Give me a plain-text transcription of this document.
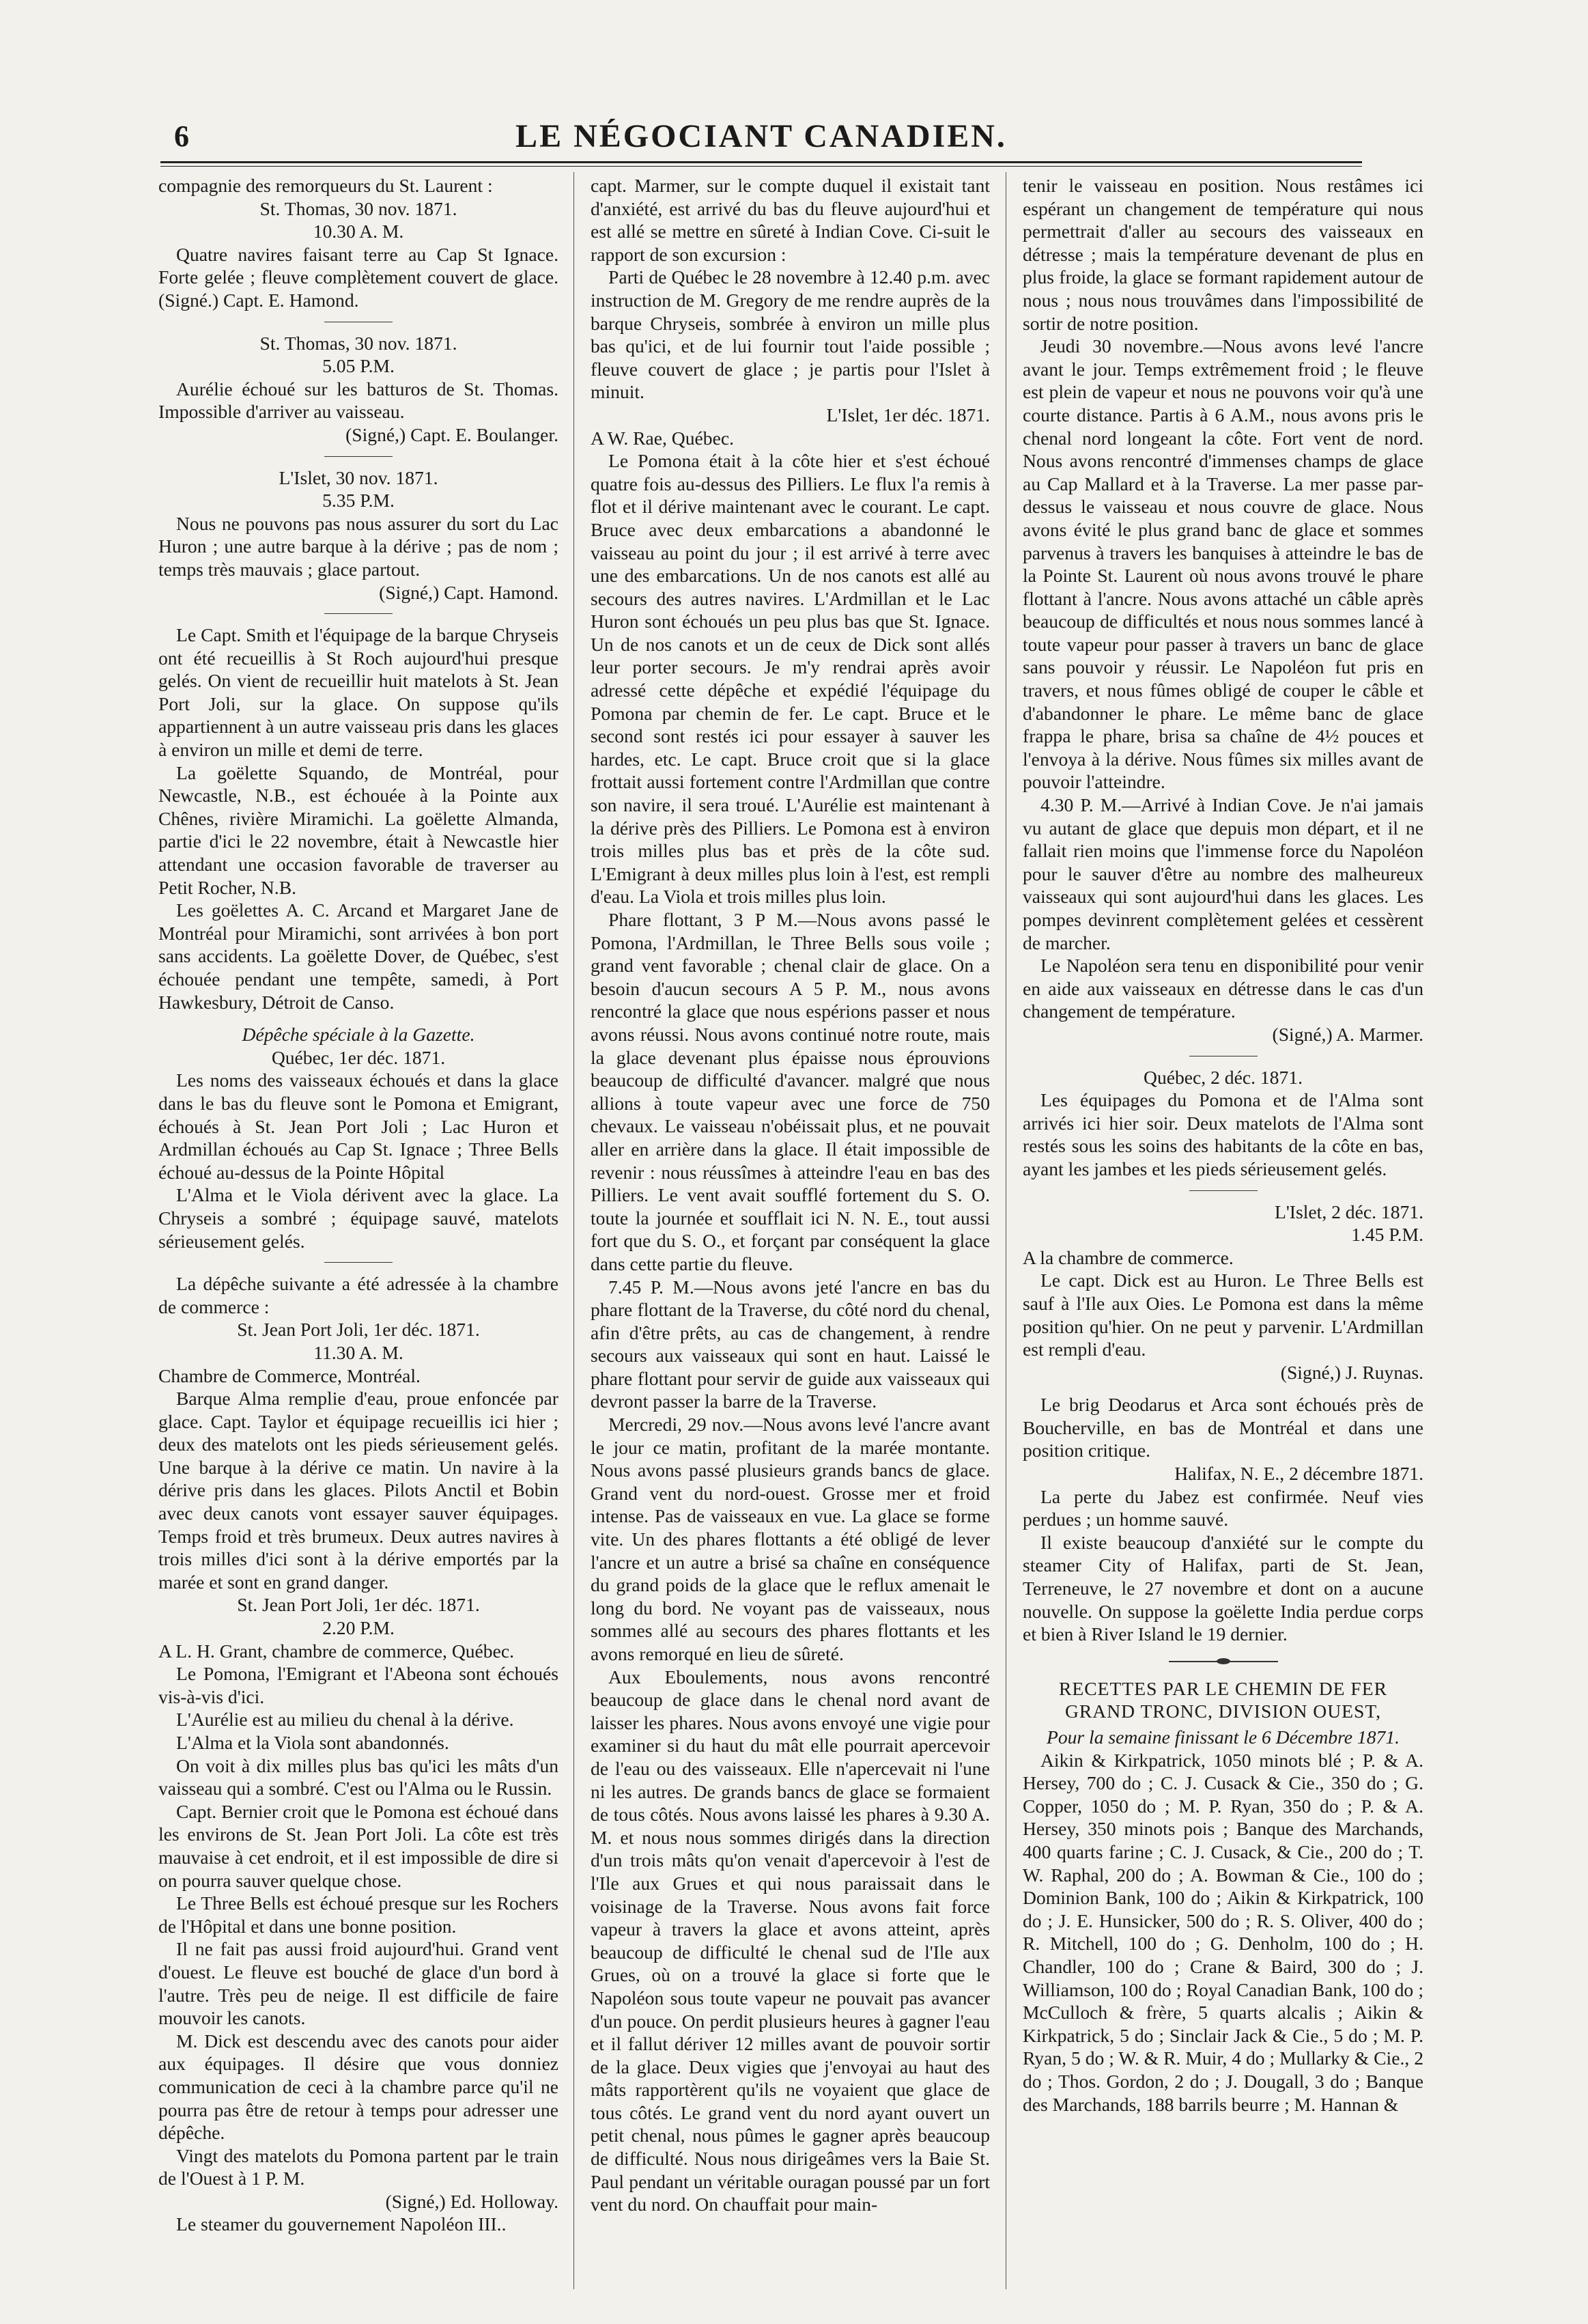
6	LE NÉGOCIANT CANADIEN.

compagnie des remorqueurs du St. Laurent :

St. Thomas, 30 nov. 1871.

10.30 A. M.

Quatre navires faisant terre au Cap St Ignace. Forte gelée ; fleuve complètement couvert de glace. (Signé.) Capt. E. Hamond.

St. Thomas, 30 nov. 1871.

5.05 P.M.

Aurélie échoué sur les batturos de St. Thomas. Impossible d'arriver au vaisseau.

(Signé,) Capt. E. Boulanger.

L'Islet, 30 nov. 1871.

5.35 P.M.

Nous ne pouvons pas nous assurer du sort du Lac Huron ; une autre barque à la dérive ; pas de nom ; temps très mauvais ; glace partout.

(Signé,) Capt. Hamond.

Le Capt. Smith et l'équipage de la barque Chryseis ont été recueillis à St Roch aujourd'hui presque gelés. On vient de recueillir huit matelots à St. Jean Port Joli, sur la glace. On suppose qu'ils appartiennent à un autre vaisseau pris dans les glaces à environ un mille et demi de terre.

La goëlette Squando, de Montréal, pour Newcastle, N.B., est échouée à la Pointe aux Chênes, rivière Miramichi. La goëlette Almanda, partie d'ici le 22 novembre, était à Newcastle hier attendant une occasion favorable de traverser au Petit Rocher, N.B.

Les goëlettes A. C. Arcand et Margaret Jane de Montréal pour Miramichi, sont arrivées à bon port sans accidents. La goëlette Dover, de Québec, s'est échouée pendant une tempête, samedi, à Port Hawkesbury, Détroit de Canso.

Dépêche spéciale à la Gazette.

Québec, 1er déc. 1871.

Les noms des vaisseaux échoués et dans la glace dans le bas du fleuve sont le Pomona et Emigrant, échoués à St. Jean Port Joli ; Lac Huron et Ardmillan échoués au Cap St. Ignace ; Three Bells échoué au-dessus de la Pointe Hôpital

L'Alma et le Viola dérivent avec la glace. La Chryseis a sombré ; équipage sauvé, matelots sérieusement gelés.

La dépêche suivante a été adressée à la chambre de commerce :

St. Jean Port Joli, 1er déc. 1871.

11.30 A. M.

Chambre de Commerce, Montréal.

Barque Alma remplie d'eau, proue enfoncée par glace. Capt. Taylor et équipage recueillis ici hier ; deux des matelots ont les pieds sérieusement gelés. Une barque à la dérive ce matin. Un navire à la dérive pris dans les glaces. Pilots Anctil et Bobin avec deux canots vont essayer sauver équipages. Temps froid et très brumeux. Deux autres navires à trois milles d'ici sont à la dérive emportés par la marée et sont en grand danger.

St. Jean Port Joli, 1er déc. 1871.

2.20 P.M.

A L. H. Grant, chambre de commerce, Québec.

Le Pomona, l'Emigrant et l'Abeona sont échoués vis-à-vis d'ici.

L'Aurélie est au milieu du chenal à la dérive.

L'Alma et la Viola sont abandonnés.

On voit à dix milles plus bas qu'ici les mâts d'un vaisseau qui a sombré. C'est ou l'Alma ou le Russin.

Capt. Bernier croit que le Pomona est échoué dans les environs de St. Jean Port Joli. La côte est très mauvaise à cet endroit, et il est impossible de dire si on pourra sauver quelque chose.

Le Three Bells est échoué presque sur les Rochers de l'Hôpital et dans une bonne position.

Il ne fait pas aussi froid aujourd'hui. Grand vent d'ouest. Le fleuve est bouché de glace d'un bord à l'autre. Très peu de neige. Il est difficile de faire mouvoir les canots.

M. Dick est descendu avec des canots pour aider aux équipages. Il désire que vous donniez communication de ceci à la chambre parce qu'il ne pourra pas être de retour à temps pour adresser une dépêche.

Vingt des matelots du Pomona partent par le train de l'Ouest à 1 P. M.

(Signé,) Ed. Holloway.

Le steamer du gouvernement Napoléon III..

capt. Marmer, sur le compte duquel il existait tant d'anxiété, est arrivé du bas du fleuve aujourd'hui et est allé se mettre en sûreté à Indian Cove. Ci-suit le rapport de son excursion :

Parti de Québec le 28 novembre à 12.40 p.m. avec instruction de M. Gregory de me rendre auprès de la barque Chryseis, sombrée à environ un mille plus bas qu'ici, et de lui fournir tout l'aide possible ; fleuve couvert de glace ; je partis pour l'Islet à minuit.

L'Islet, 1er déc. 1871.

A W. Rae, Québec.

Le Pomona était à la côte hier et s'est échoué quatre fois au-dessus des Pilliers. Le flux l'a remis à flot et il dérive maintenant avec le courant. Le capt. Bruce avec deux embarcations a abandonné le vaisseau au point du jour ; il est arrivé à terre avec une des embarcations. Un de nos canots est allé au secours des autres navires. L'Ardmillan et le Lac Huron sont échoués un peu plus bas que St. Ignace. Un de nos canots et un de ceux de Dick sont allés leur porter secours. Je m'y rendrai après avoir adressé cette dépêche et expédié l'équipage du Pomona par chemin de fer. Le capt. Bruce et le second sont restés ici pour essayer à sauver les hardes, etc. Le capt. Bruce croit que si la glace frottait aussi fortement contre l'Ardmillan que contre son navire, il sera troué. L'Aurélie est maintenant à la dérive près des Pilliers. Le Pomona est à environ trois milles plus bas et près de la côte sud. L'Emigrant à deux milles plus loin à l'est, est rempli d'eau. La Viola et trois milles plus loin.

Phare flottant, 3 P M.—Nous avons passé le Pomona, l'Ardmillan, le Three Bells sous voile ; grand vent favorable ; chenal clair de glace. On a besoin d'aucun secours A 5 P. M., nous avons rencontré la glace que nous espérions passer et nous avons réussi. Nous avons continué notre route, mais la glace devenant plus épaisse nous éprouvions beaucoup de difficulté d'avancer. malgré que nous allions à toute vapeur avec une force de 750 chevaux. Le vaisseau n'obéissait plus, et ne pouvait aller en arrière dans la glace. Il était impossible de revenir : nous réussîmes à atteindre l'eau en bas des Pilliers. Le vent avait soufflé fortement du S. O. toute la journée et soufflait ici N. N. E., tout aussi fort que du S. O., et forçant par conséquent la glace dans cette partie du fleuve.

7.45 P. M.—Nous avons jeté l'ancre en bas du phare flottant de la Traverse, du côté nord du chenal, afin d'être prêts, au cas de changement, à rendre secours aux vaisseaux qui sont en haut. Laissé le phare flottant pour servir de guide aux vaisseaux qui devront passer la barre de la Traverse.

Mercredi, 29 nov.—Nous avons levé l'ancre avant le jour ce matin, profitant de la marée montante. Nous avons passé plusieurs grands bancs de glace. Grand vent du nord-ouest. Grosse mer et froid intense. Pas de vaisseaux en vue. La glace se forme vite. Un des phares flottants a été obligé de lever l'ancre et un autre a brisé sa chaîne en conséquence du grand poids de la glace que le reflux amenait le long du bord. Ne voyant pas de vaisseaux, nous sommes allé au secours des phares flottants et les avons remorqué en lieu de sûreté.

Aux Eboulements, nous avons rencontré beaucoup de glace dans le chenal nord avant de laisser les phares. Nous avons envoyé une vigie pour examiner si du haut du mât elle pourrait apercevoir de l'eau ou des vaisseaux. Elle n'apercevait ni l'une ni les autres. De grands bancs de glace se formaient de tous côtés. Nous avons laissé les phares à 9.30 A. M. et nous nous sommes dirigés dans la direction d'un trois mâts qu'on venait d'apercevoir à l'est de l'Ile aux Grues et qui nous paraissait dans le voisinage de la Traverse. Nous avons fait force vapeur à travers la glace et avons atteint, après beaucoup de difficulté le chenal sud de l'Ile aux Grues, où on a trouvé la glace si forte que le Napoléon sous toute vapeur ne pouvait pas avancer d'un pouce. On perdit plusieurs heures à gagner l'eau et il fallut dériver 12 milles avant de pouvoir sortir de la glace. Deux vigies que j'envoyai au haut des mâts rapportèrent qu'ils ne voyaient que glace de tous côtés. Le grand vent du nord ayant ouvert un petit chenal, nous pûmes le gagner après beaucoup de difficulté. Nous nous dirigeâmes vers la Baie St. Paul pendant un véritable ouragan poussé par un fort vent du nord. On chauffait pour main-

tenir le vaisseau en position. Nous restâmes ici espérant un changement de température qui nous permettrait d'aller au secours des vaisseaux en détresse ; mais la température devenant de plus en plus froide, la glace se formant rapidement autour de nous ; nous nous trouvâmes dans l'impossibilité de sortir de notre position.

Jeudi 30 novembre.—Nous avons levé l'ancre avant le jour. Temps extrêmement froid ; le fleuve est plein de vapeur et nous ne pouvons voir qu'à une courte distance. Partis à 6 A.M., nous avons pris le chenal nord longeant la côte. Fort vent de nord. Nous avons rencontré d'immenses champs de glace au Cap Mallard et à la Traverse. La mer passe par-dessus le vaisseau et nous couvre de glace. Nous avons évité le plus grand banc de glace et sommes parvenus à travers les banquises à atteindre le bas de la Pointe St. Laurent où nous avons trouvé le phare flottant à l'ancre. Nous avons attaché un câble après beaucoup de difficultés et nous nous sommes lancé à toute vapeur pour passer à travers un banc de glace sans pouvoir y réussir. Le Napoléon fut pris en travers, et nous fûmes obligé de couper le câble et d'abandonner le phare. Le même banc de glace frappa le phare, brisa sa chaîne de 4½ pouces et l'envoya à la dérive. Nous fûmes six milles avant de pouvoir l'atteindre.

4.30 P. M.—Arrivé à Indian Cove. Je n'ai jamais vu autant de glace que depuis mon départ, et il ne fallait rien moins que l'immense force du Napoléon pour le sauver d'être au nombre des malheureux vaisseaux qui sont aujourd'hui dans les glaces. Les pompes devinrent complètement gelées et cessèrent de marcher.

Le Napoléon sera tenu en disponibilité pour venir en aide aux vaisseaux en détresse dans le cas d'un changement de température.

(Signé,) A. Marmer.

Québec, 2 déc. 1871.

Les équipages du Pomona et de l'Alma sont arrivés ici hier soir. Deux matelots de l'Alma sont restés sous les soins des habitants de la côte en bas, ayant les jambes et les pieds sérieusement gelés.

L'Islet, 2 déc. 1871.

1.45 P.M.

A la chambre de commerce.

Le capt. Dick est au Huron. Le Three Bells est sauf à l'Ile aux Oies. Le Pomona est dans la même position qu'hier. On ne peut y parvenir. L'Ardmillan est rempli d'eau.

(Signé,) J. Ruynas.

Le brig Deodarus et Arca sont échoués près de Boucherville, en bas de Montréal et dans une position critique.

Halifax, N. E., 2 décembre 1871.

La perte du Jabez est confirmée. Neuf vies perdues ; un homme sauvé.

Il existe beaucoup d'anxiété sur le compte du steamer City of Halifax, parti de St. Jean, Terreneuve, le 27 novembre et dont on a aucune nouvelle. On suppose la goëlette India perdue corps et bien à River Island le 19 dernier.

RECETTES PAR LE CHEMIN DE FER GRAND TRONC, DIVISION OUEST,

Pour la semaine finissant le 6 Décembre 1871.

Aikin & Kirkpatrick, 1050 minots blé ; P. & A. Hersey, 700 do ; C. J. Cusack & Cie., 350 do ; G. Copper, 1050 do ; M. P. Ryan, 350 do ; P. & A. Hersey, 350 minots pois ; Banque des Marchands, 400 quarts farine ; C. J. Cusack, & Cie., 200 do ; T. W. Raphal, 200 do ; A. Bowman & Cie., 100 do ; Dominion Bank, 100 do ; Aikin & Kirkpatrick, 100 do ; J. E. Hunsicker, 500 do ; R. S. Oliver, 400 do ; R. Mitchell, 100 do ; G. Denholm, 100 do ; H. Chandler, 100 do ; Crane & Baird, 300 do ; J. Williamson, 100 do ; Royal Canadian Bank, 100 do ; McCulloch & frère, 5 quarts alcalis ; Aikin & Kirkpatrick, 5 do ; Sinclair Jack & Cie., 5 do ; M. P. Ryan, 5 do ; W. & R. Muir, 4 do ; Mullarky & Cie., 2 do ; Thos. Gordon, 2 do ; J. Dougall, 3 do ; Banque des Marchands, 188 barrils beurre ; M. Hannan &
